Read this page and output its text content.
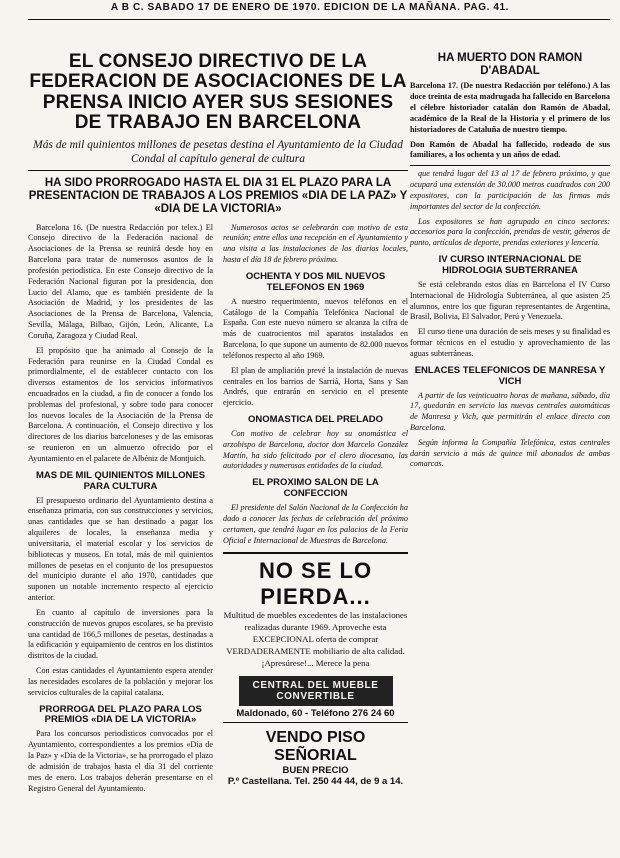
A B C. SABADO 17 DE ENERO DE 1970. EDICION DE LA MAÑANA. PAG. 41.
EL CONSEJO DIRECTIVO DE LA FEDERACION DE ASOCIACIONES DE LA PRENSA INICIO AYER SUS SESIONES DE TRABAJO EN BARCELONA
Más de mil quinientos millones de pesetas destina el Ayuntamiento de la Ciudad Condal al capítulo general de cultura
HA SIDO PRORROGADO HASTA EL DIA 31 EL PLAZO PARA LA PRESENTACION DE TRABAJOS A LOS PREMIOS «DIA DE LA PAZ» Y «DIA DE LA VICTORIA»
Barcelona 16. (De nuestra Redacción por telex.) El Consejo directivo de la Federación nacional de Asociaciones de la Prensa se reunirá desde hoy en Barcelona para tratar de numerosos asuntos de la profesión periodística. En este Consejo directivo de la Federación Nacional figuran por la presidencia, don Lucio del Alamo, que es también presidente de la Asociación de Madrid, y los presidentes de las Asociaciones de la Prensa de Barcelona, Valencia, Sevilla, Málaga, Bilbao, Gijón, León, Alicante, La Coruña, Zaragoza y Ciudad Real.
El propósito que ha animado al Consejo de la Federación para reunirse en la Ciudad Condal es primordialmente, el de establecer contacto con los diversos estamentos de los servicios informativos encuadrados en la ciudad, a fin de conocer a fondo los problemas del profesional, y sobre todo para conocer los nuevos locales de la Asociación de la Prensa de Barcelona. A continuación, el Consejo directivo y los directores de los diarios barceloneses y de las emisoras se reunieron en un almuerzo ofrecido por el Ayuntamiento en el palacete de Albéniz de Montjuich.
MAS DE MIL QUINIENTOS MILLONES PARA CULTURA
El presupuesto ordinario del Ayuntamiento destina a enseñanza primaria, con sus construcciones y servicios, unas cantidades que se han destinado a pagar los alquileres de locales, la enseñanza media y universitaria, el material escolar y los servicios de bibliotecas y museos. En total, más de mil quinientos millones de pesetas en el conjunto de los presupuestos del municipio durante el año 1970, cantidades que suponen un notable incremento respecto al ejercicio anterior.
En cuanto al capítulo de inversiones para la construcción de nuevos grupos escolares, se ha previsto una cantidad de 166,5 millones de pesetas, destinadas a la edificación y equipamiento de centros en los distintos distritos de la ciudad.
Con estas cantidades el Ayuntamiento espera atender las necesidades escolares de la población y mejorar los servicios culturales de la capital catalana.
PRORROGA DEL PLAZO PARA LOS PREMIOS «DIA DE LA VICTORIA»
Para los concursos periodísticos convocados por el Ayuntamiento, correspondientes a los premios «Día de la Paz» y «Día de la Victoria», se ha prorrogado el plazo de admisión de trabajos hasta el día 31 del corriente mes de enero. Los trabajos deberán presentarse en el Registro General del Ayuntamiento.
Numerosos actos se celebrarán con motivo de esta reunión; entre ellos una recepción en el Ayuntamiento y una visita a las instalaciones de los diarios locales, hasta el día 18 de febrero próximo.
OCHENTA Y DOS MIL NUEVOS TELEFONOS EN 1969
A nuestro requerimiento, nuevos teléfonos en el Catálogo de la Compañía Telefónica Nacional de España. Con este nuevo número se alcanza la cifra de más de cuatrocientos mil aparatos instalados en Barcelona, lo que supone un aumento de 82.000 nuevos teléfonos respecto al año 1969.
El plan de ampliación prevé la instalación de nuevas centrales en los barrios de Sarriá, Horta, Sans y San Andrés, que entrarán en servicio en el presente ejercicio.
ONOMASTICA DEL PRELADO
Con motivo de celebrar hoy su onomástica el arzobispo de Barcelona, doctor don Marcelo González Martín, ha sido felicitado por el clero diocesano, las autoridades y numerosas entidades de la ciudad.
EL PROXIMO SALON DE LA CONFECCION
El presidente del Salón Nacional de la Confección ha dado a conocer las fechas de celebración del próximo certamen, que tendrá lugar en los palacios de la Feria Oficial e Internacional de Muestras de Barcelona.
NO SE LO PIERDA...
Multitud de muebles excedentes de las instalaciones realizadas durante 1969. Aproveche esta EXCEPCIONAL oferta de comprar VERDADERAMENTE mobiliario de alta calidad. ¡Apresúrese!... Merece la pena
CENTRAL DEL MUEBLE CONVERTIBLE
Maldonado, 60 - Teléfono 276 24 60
VENDO PISO SEÑORIAL
BUEN PRECIO
P.º Castellana. Tel. 250 44 44, de 9 a 14.
HA MUERTO DON RAMON D'ABADAL
Barcelona 17. (De nuestra Redacción por teléfono.) A las doce treinta de esta madrugada ha fallecido en Barcelona el célebre historiador catalán don Ramón de Abadal, académico de la Real de la Historia y el primero de los historiadores de Cataluña de nuestro tiempo.
Don Ramón de Abadal ha fallecido, rodeado de sus familiares, a los ochenta y un años de edad.
que tendrá lugar del 13 al 17 de febrero próximo, y que ocupará una extensión de 30.000 metros cuadrados con 200 expositores, con la participación de las firmas más importantes del sector de la confección.
Los expositores se han agrupado en cinco sectores: accesorios para la confección, prendas de vestir, géneros de punto, artículos de deporte, prendas exteriores y lencería.
IV CURSO INTERNACIONAL DE HIDROLOGIA SUBTERRANEA
Se está celebrando estos días en Barcelona el IV Curso Internacional de Hidrología Subterránea, al que asisten 25 alumnos, entre los que figuran representantes de Argentina, Brasil, Bolivia, El Salvador, Perú y Venezuela.
El curso tiene una duración de seis meses y su finalidad es formar técnicos en el estudio y aprovechamiento de las aguas subterráneas.
ENLACES TELEFONICOS DE MANRESA Y VICH
A partir de las veinticuatro horas de mañana, sábado, día 17, quedarán en servicio las nuevas centrales automáticas de Manresa y Vich, que permitirán el enlace directo con Barcelona.
Según informa la Compañía Telefónica, estas centrales darán servicio a más de quince mil abonados de ambas comarcas.
